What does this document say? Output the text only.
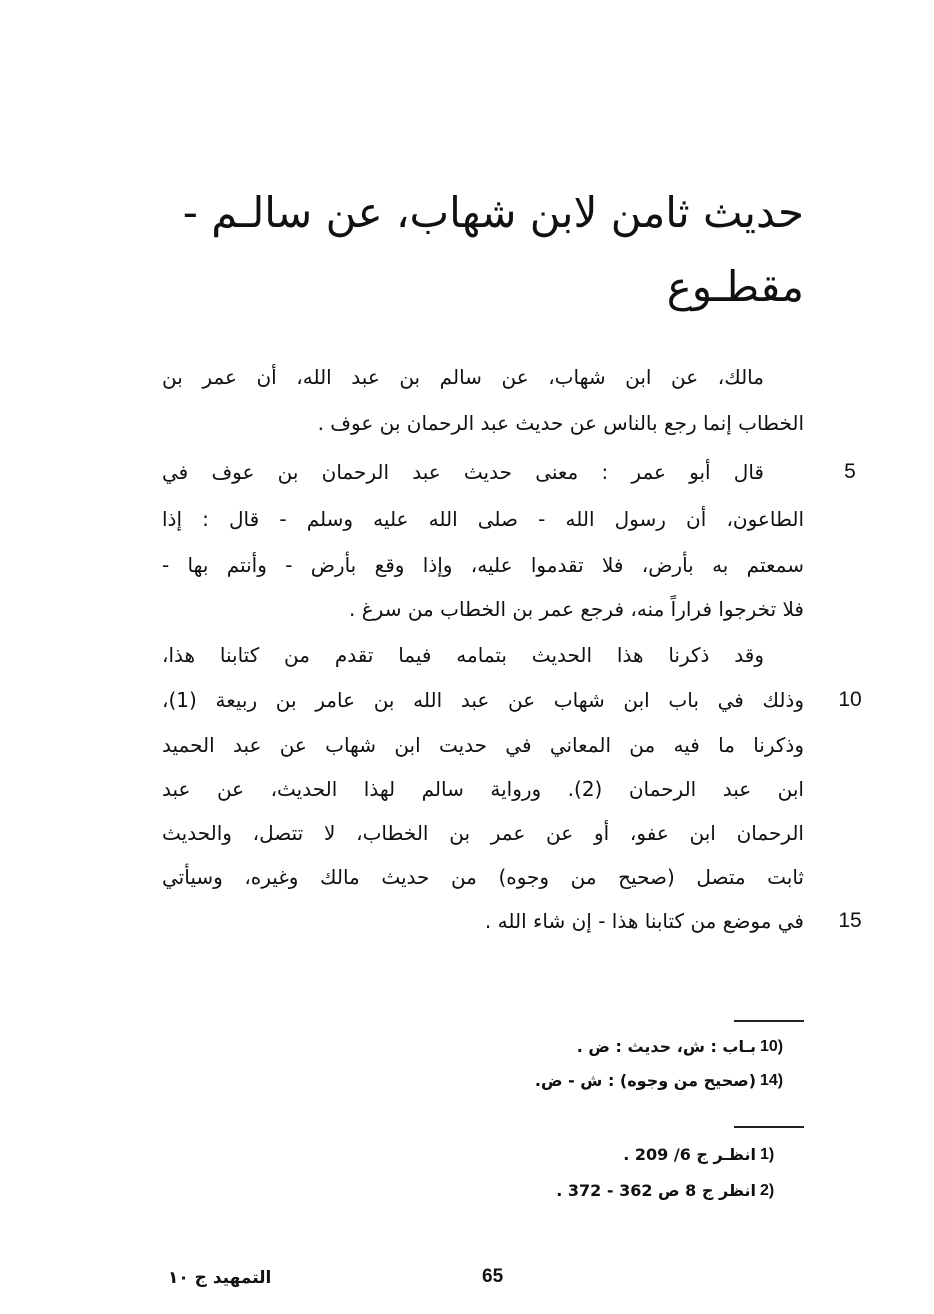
حديث ثامن لابن شهاب، عن سالـم -
مقطـوع
مالك، عن ابن شهاب، عن سالم بن عبد الله، أن عمر بن
الخطاب إنما رجع بالناس عن حديث عبد الرحمان بن عوف .
قال أبو عمر : معنى حديث عبد الرحمان بن عوف في	5
الطاعون، أن رسول الله - صلى الله عليه وسلم - قال : إذا
سمعتم به بأرض، فلا تقدموا عليه، وإذا وقع بأرض - وأنتم بها -
فلا تخرجوا فراراً منه، فرجع عمر بن الخطاب من سرغ .
وقد ذكرنا هذا الحديث بتمامه فيما تقدم من كتابنا هذا،
وذلك في باب ابن شهاب عن عبد الله بن عامر بن ربيعة (1)،	10
وذكرنا ما فيه من المعاني في حديت ابن شهاب عن عبد الحميد
ابن عبد الرحمان (2). ورواية سالم لهذا الحديث، عن عبد
الرحمان ابن عفو، أو عن عمر بن الخطاب، لا تتصل، والحديث
ثابت متصل (صحيح من وجوه) من حديث مالك وغيره، وسيأتي
في موضع من كتابنا هذا - إن شاء الله .	15
10)
بـاب : ش، حديث : ض .
14)
(صحيح من وجوه) : ش - ض.
1)
انظـر ج 6/ 209 .
2)
انظر ج 8 ص 362 - 372 .
التمهيد ج ١٠	65
